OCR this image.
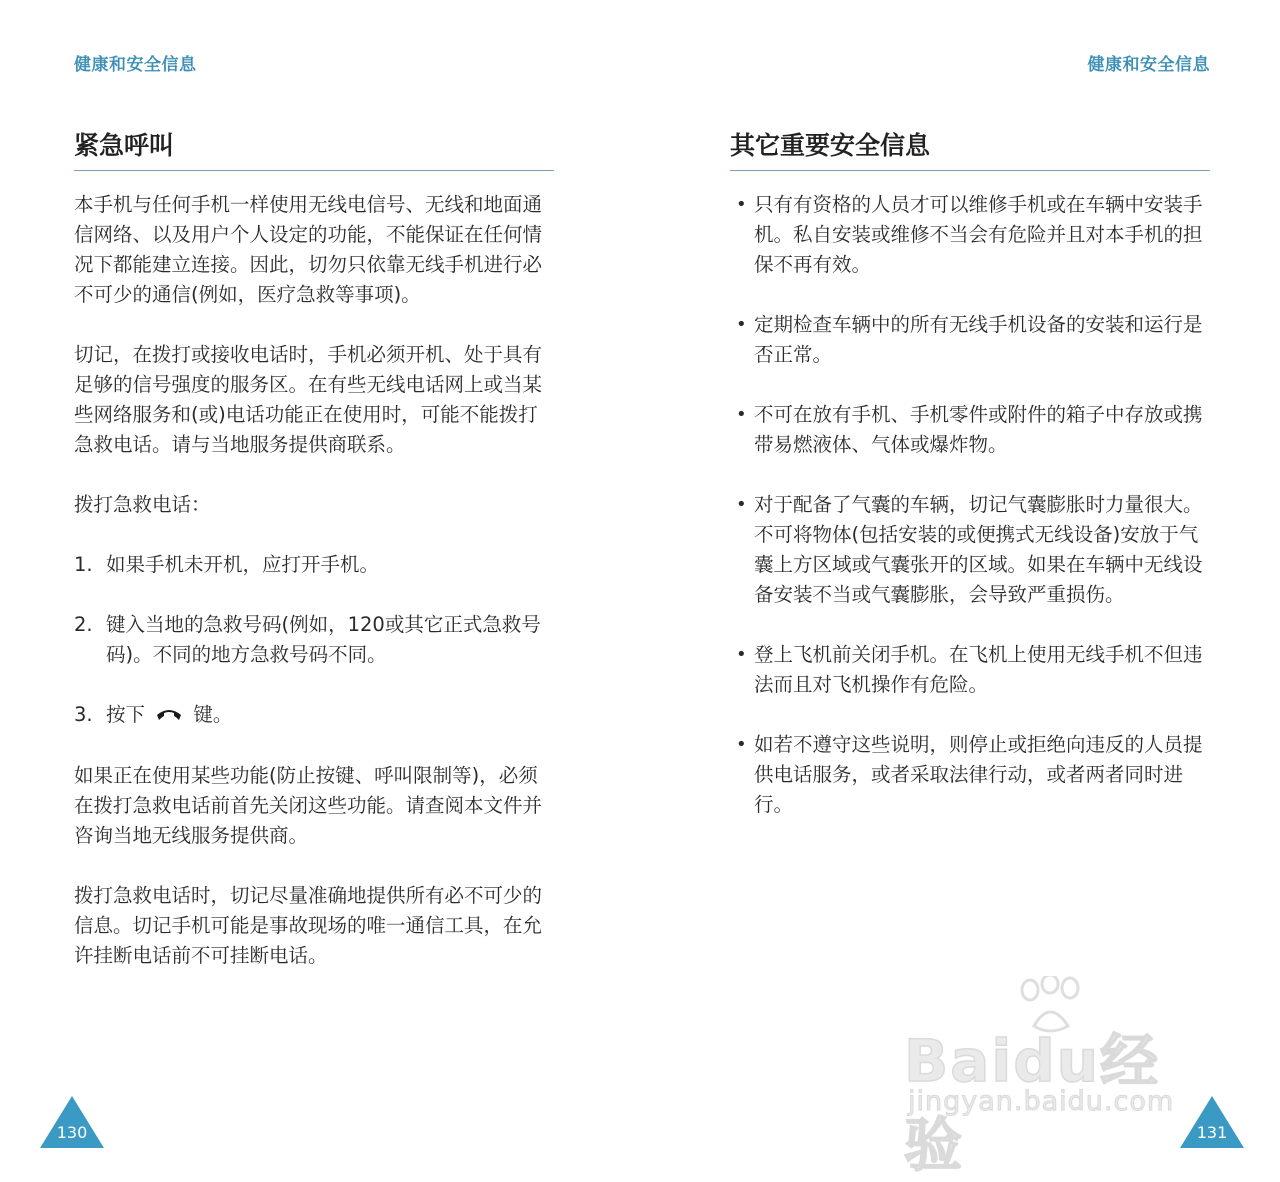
健康和安全信息
紧急呼叫

本手机与任何手机一样使用无线电信号、无线和地面通信网络、以及用户个人设定的功能，不能保证在任何情况下都能建立连接。因此，切勿只依靠无线手机进行必不可少的通信(例如，医疗急救等事项)。

切记，在拨打或接收电话时，手机必须开机、处于具有足够的信号强度的服务区。在有些无线电话网上或当某些网络服务和(或)电话功能正在使用时，可能不能拨打急救电话。请与当地服务提供商联系。

拨打急救电话：

1. 如果手机未开机，应打开手机。
2. 键入当地的急救号码(例如，120或其它正式急救号码)。不同的地方急救号码不同。
3. 按下 键。

如果正在使用某些功能(防止按键、呼叫限制等)，必须在拨打急救电话前首先关闭这些功能。请查阅本文件并咨询当地无线服务提供商。

拨打急救电话时，切记尽量准确地提供所有必不可少的信息。切记手机可能是事故现场的唯一通信工具，在允许挂断电话前不可挂断电话。

130
健康和安全信息
其它重要安全信息
• 只有有资格的人员才可以维修手机或在车辆中安装手机。私自安装或维修不当会有危险并且对本手机的担保不再有效。
• 定期检查车辆中的所有无线手机设备的安装和运行是否正常。
• 不可在放有手机、手机零件或附件的箱子中存放或携带易燃液体、气体或爆炸物。
• 对于配备了气囊的车辆，切记气囊膨胀时力量很大。不可将物体(包括安装的或便携式无线设备)安放于气囊上方区域或气囊张开的区域。如果在车辆中无线设备安装不当或气囊膨胀，会导致严重损伤。
• 登上飞机前关闭手机。在飞机上使用无线手机不但违法而且对飞机操作有危险。
• 如若不遵守这些说明，则停止或拒绝向违反的人员提供电话服务，或者采取法律行动，或者两者同时进行。
Baidu经验
jingyan.baidu.com
131
